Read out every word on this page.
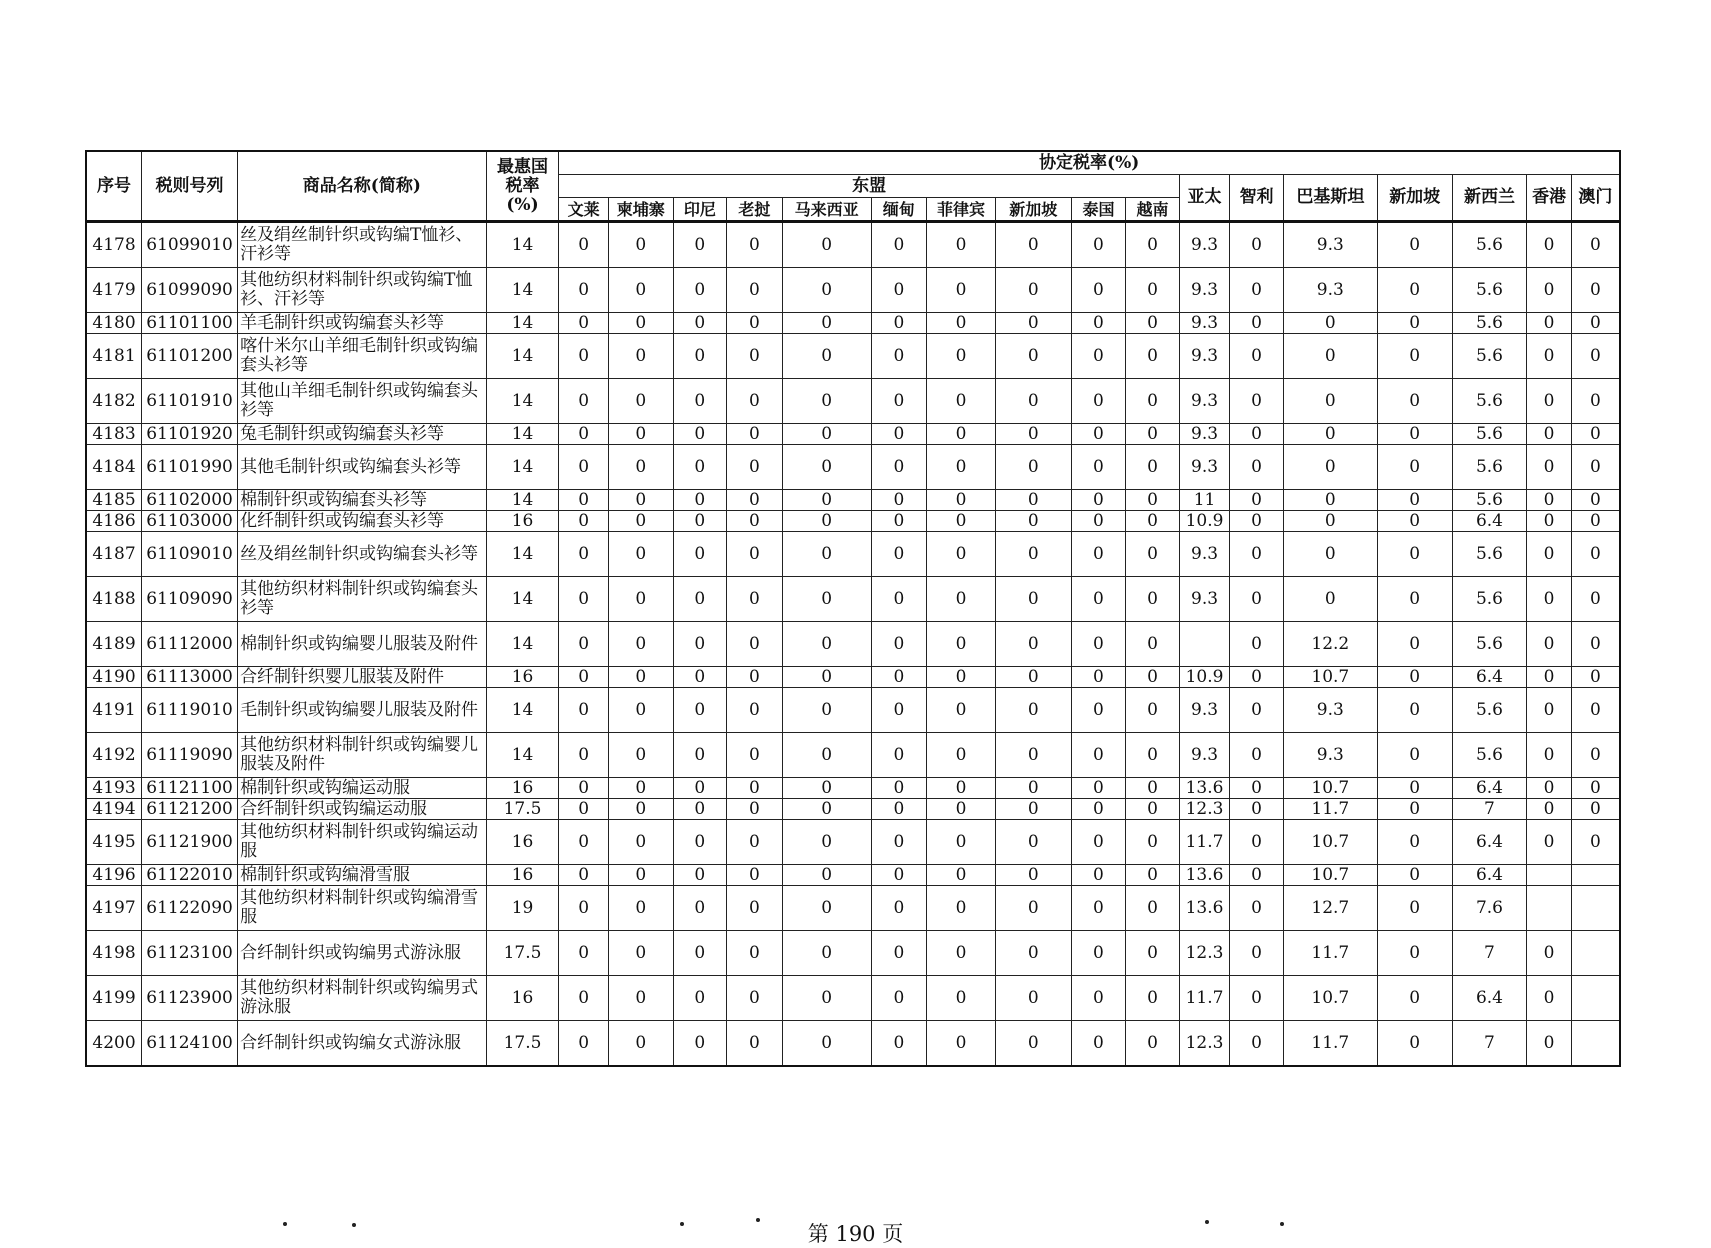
序号	税则号列	商品名称(简称)	最惠国
税率
(%)	协定税率(%)																
				东盟										亚太	智利	巴基斯坦	新加坡	新西兰	香港	澳门
				文莱	柬埔寨	印尼	老挝	马来西亚	缅甸	菲律宾	新加坡	泰国	越南							
4178	61099010	丝及绢丝制针织或钩编T恤衫、汗衫等	14	0	0	0	0	0	0	0	0	0	0	9.3	0	9.3	0	5.6	0	0
4179	61099090	其他纺织材料制针织或钩编T恤衫、汗衫等	14	0	0	0	0	0	0	0	0	0	0	9.3	0	9.3	0	5.6	0	0
4180	61101100	羊毛制针织或钩编套头衫等	14	0	0	0	0	0	0	0	0	0	0	9.3	0	0	0	5.6	0	0
4181	61101200	喀什米尔山羊细毛制针织或钩编套头衫等	14	0	0	0	0	0	0	0	0	0	0	9.3	0	0	0	5.6	0	0
4182	61101910	其他山羊细毛制针织或钩编套头衫等	14	0	0	0	0	0	0	0	0	0	0	9.3	0	0	0	5.6	0	0
4183	61101920	兔毛制针织或钩编套头衫等	14	0	0	0	0	0	0	0	0	0	0	9.3	0	0	0	5.6	0	0
4184	61101990	其他毛制针织或钩编套头衫等	14	0	0	0	0	0	0	0	0	0	0	9.3	0	0	0	5.6	0	0
4185	61102000	棉制针织或钩编套头衫等	14	0	0	0	0	0	0	0	0	0	0	11	0	0	0	5.6	0	0
4186	61103000	化纤制针织或钩编套头衫等	16	0	0	0	0	0	0	0	0	0	0	10.9	0	0	0	6.4	0	0
4187	61109010	丝及绢丝制针织或钩编套头衫等	14	0	0	0	0	0	0	0	0	0	0	9.3	0	0	0	5.6	0	0
4188	61109090	其他纺织材料制针织或钩编套头衫等	14	0	0	0	0	0	0	0	0	0	0	9.3	0	0	0	5.6	0	0
4189	61112000	棉制针织或钩编婴儿服装及附件	14	0	0	0	0	0	0	0	0	0	0		0	12.2	0	5.6	0	0
4190	61113000	合纤制针织婴儿服装及附件	16	0	0	0	0	0	0	0	0	0	0	10.9	0	10.7	0	6.4	0	0
4191	61119010	毛制针织或钩编婴儿服装及附件	14	0	0	0	0	0	0	0	0	0	0	9.3	0	9.3	0	5.6	0	0
4192	61119090	其他纺织材料制针织或钩编婴儿服装及附件	14	0	0	0	0	0	0	0	0	0	0	9.3	0	9.3	0	5.6	0	0
4193	61121100	棉制针织或钩编运动服	16	0	0	0	0	0	0	0	0	0	0	13.6	0	10.7	0	6.4	0	0
4194	61121200	合纤制针织或钩编运动服	17.5	0	0	0	0	0	0	0	0	0	0	12.3	0	11.7	0	7	0	0
4195	61121900	其他纺织材料制针织或钩编运动服	16	0	0	0	0	0	0	0	0	0	0	11.7	0	10.7	0	6.4	0	0
4196	61122010	棉制针织或钩编滑雪服	16	0	0	0	0	0	0	0	0	0	0	13.6	0	10.7	0	6.4		
4197	61122090	其他纺织材料制针织或钩编滑雪服	19	0	0	0	0	0	0	0	0	0	0	13.6	0	12.7	0	7.6		
4198	61123100	合纤制针织或钩编男式游泳服	17.5	0	0	0	0	0	0	0	0	0	0	12.3	0	11.7	0	7	0	
4199	61123900	其他纺织材料制针织或钩编男式游泳服	16	0	0	0	0	0	0	0	0	0	0	11.7	0	10.7	0	6.4	0	
4200	61124100	合纤制针织或钩编女式游泳服	17.5	0	0	0	0	0	0	0	0	0	0	12.3	0	11.7	0	7	0	
第 190 页
